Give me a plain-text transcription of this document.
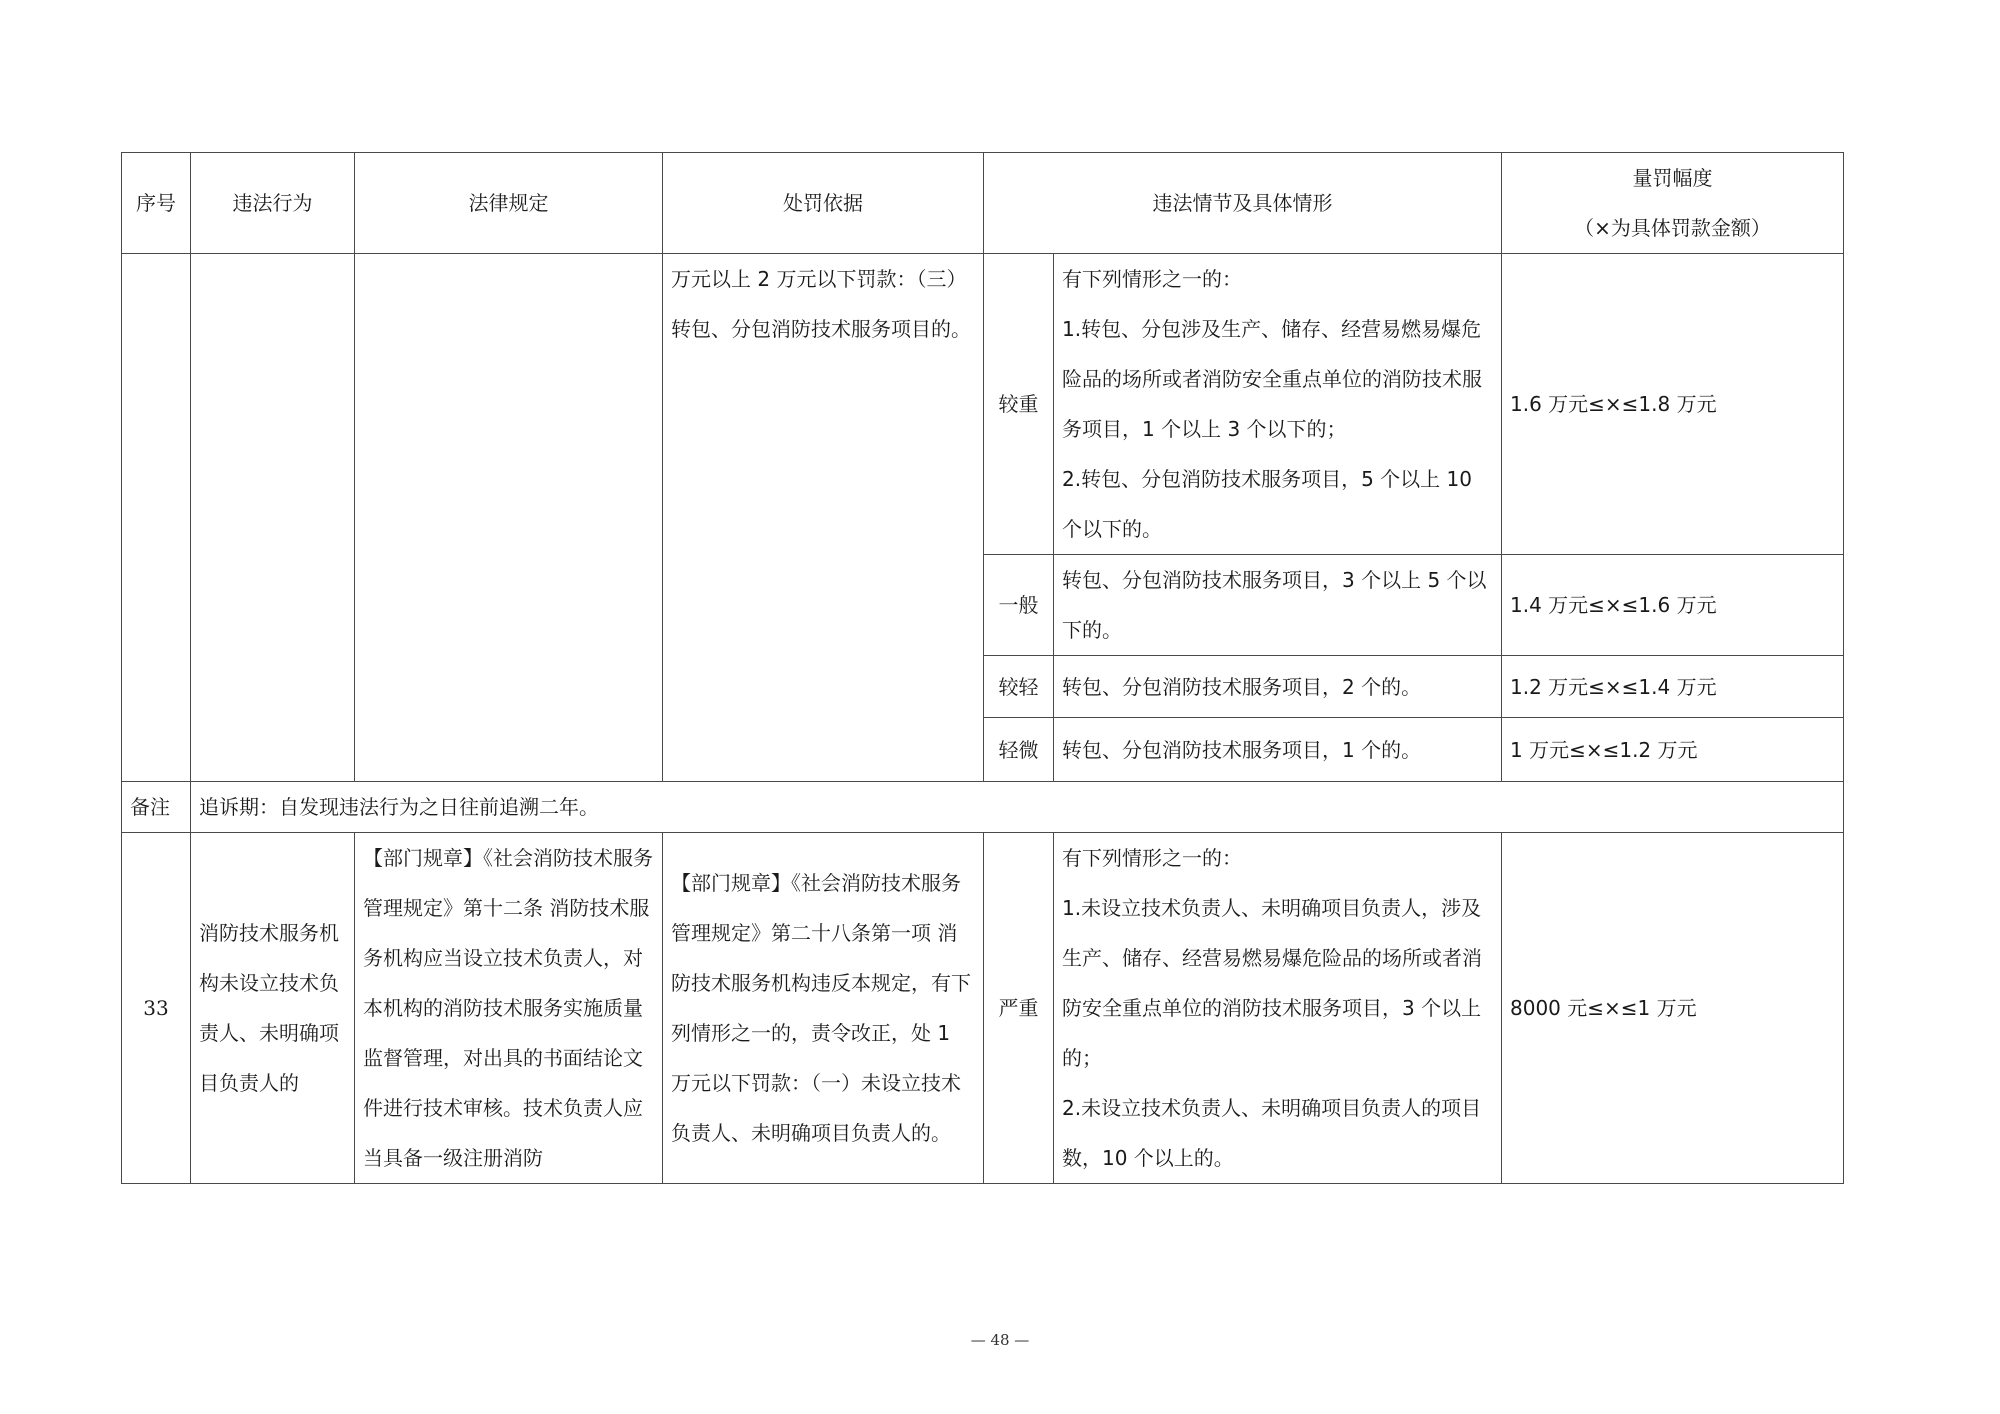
序号	违法行为	法律规定	处罚依据	违法情节及具体情形		量罚幅度
（×为具体罚款金额）

			万元以上 2 万元以下罚款：（三）转包、分包消防技术服务项目的。	较重	有下列情形之一的：
1.转包、分包涉及生产、储存、经营易燃易爆危险品的场所或者消防安全重点单位的消防技术服务项目，1 个以上 3 个以下的；
2.转包、分包消防技术服务项目，5 个以上 10 个以下的。	1.6 万元≤×≤1.8 万元
				一般	转包、分包消防技术服务项目，3 个以上 5 个以下的。	1.4 万元≤×≤1.6 万元
				较轻	转包、分包消防技术服务项目，2 个的。	1.2 万元≤×≤1.4 万元
				轻微	转包、分包消防技术服务项目，1 个的。	1 万元≤×≤1.2 万元
备注	追诉期：自发现违法行为之日往前追溯二年。					
33	消防技术服务机构未设立技术负责人、未明确项目负责人的	【部门规章】《社会消防技术服务管理规定》第十二条 消防技术服务机构应当设立技术负责人，对本机构的消防技术服务实施质量监督管理，对出具的书面结论文件进行技术审核。技术负责人应当具备一级注册消防	【部门规章】《社会消防技术服务管理规定》第二十八条第一项 消防技术服务机构违反本规定，有下列情形之一的，责令改正，处 1 万元以下罚款：（一）未设立技术负责人、未明确项目负责人的。	严重	有下列情形之一的：
1.未设立技术负责人、未明确项目负责人，涉及生产、储存、经营易燃易爆危险品的场所或者消防安全重点单位的消防技术服务项目，3 个以上的；
2.未设立技术负责人、未明确项目负责人的项目数，10 个以上的。	8000 元≤×≤1 万元
— 48 —
